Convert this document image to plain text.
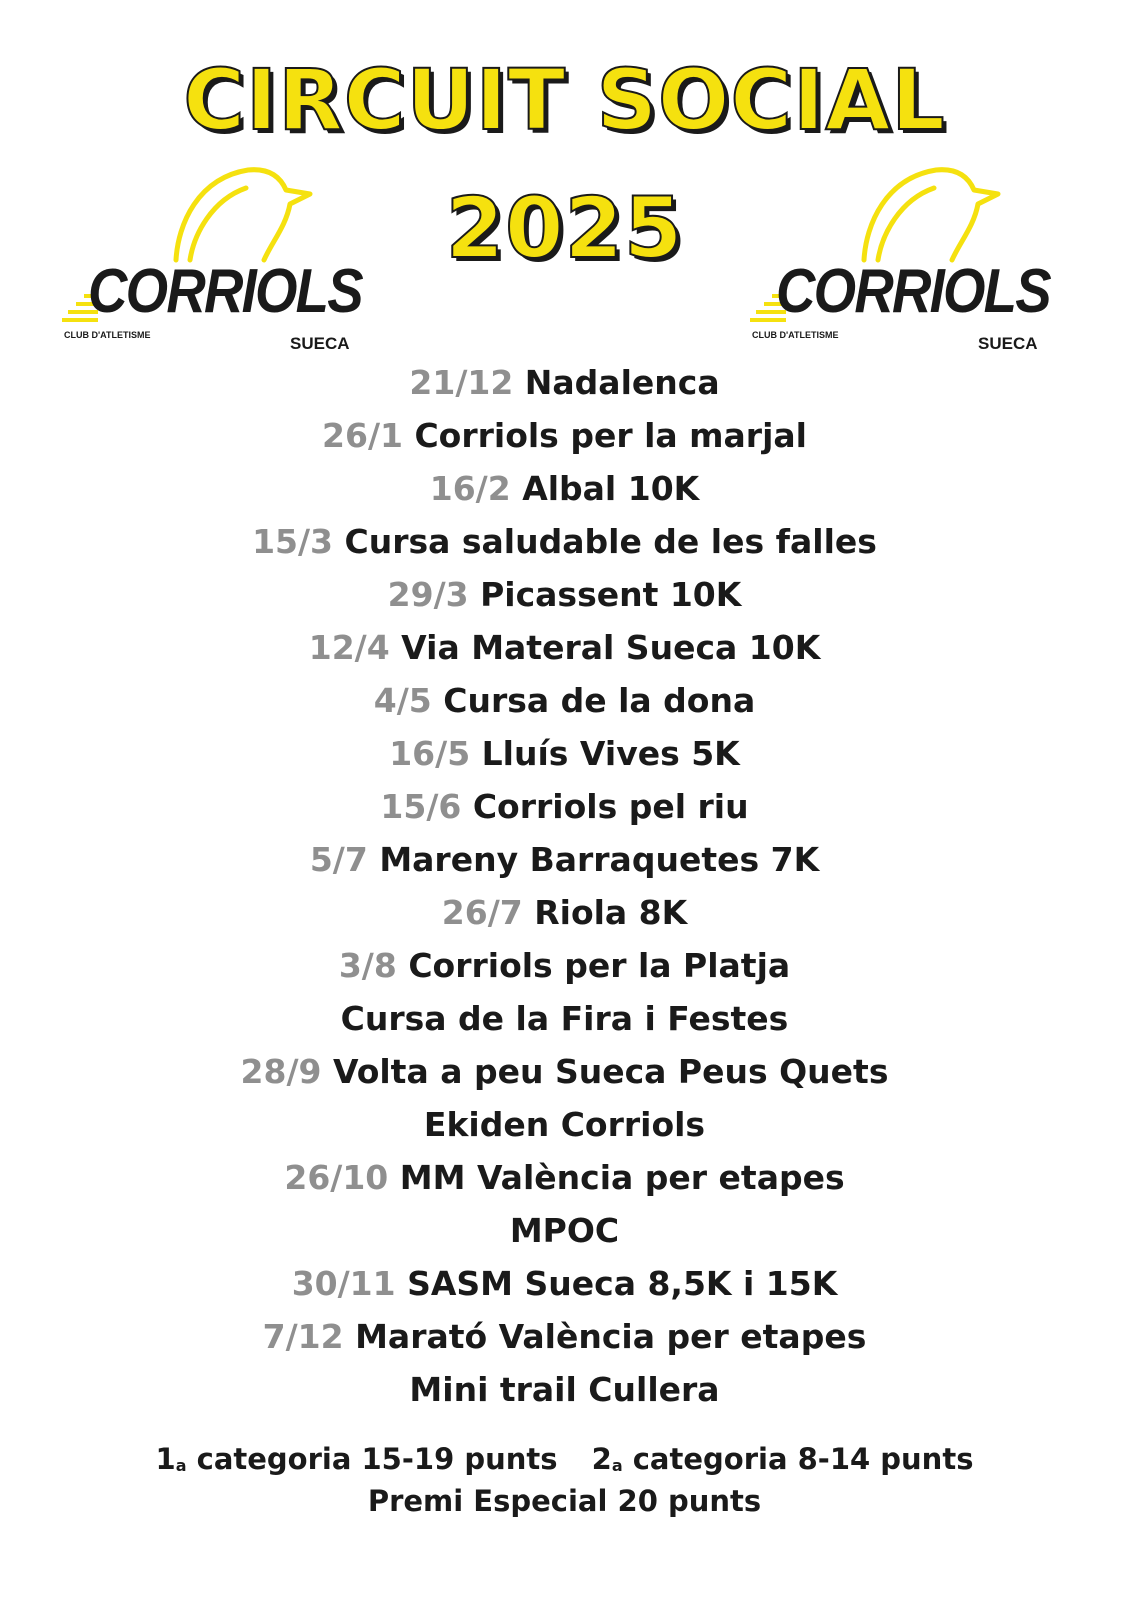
CIRCUIT SOCIAL
2025
CORRIOLS
CLUB D'ATLETISME	SUECA
CORRIOLS
CLUB D'ATLETISME	SUECA
21/12 Nadalenca
26/1 Corriols per la marjal
16/2 Albal 10K
15/3 Cursa saludable de les falles
29/3 Picassent 10K
12/4 Via Materal Sueca 10K
4/5 Cursa de la dona
16/5 Lluís Vives 5K
15/6 Corriols pel riu
5/7 Mareny Barraquetes 7K
26/7 Riola 8K
3/8 Corriols per la Platja
Cursa de la Fira i Festes
28/9 Volta a peu Sueca Peus Quets
Ekiden Corriols
26/10 MM València per etapes
MPOC
30/11 SASM Sueca 8,5K i 15K
7/12 Marató València per etapes
Mini trail Cullera
$1_a$ categoria 15-19 punts $2_a$ categoria 8-14 punts
Premi Especial 20 punts
